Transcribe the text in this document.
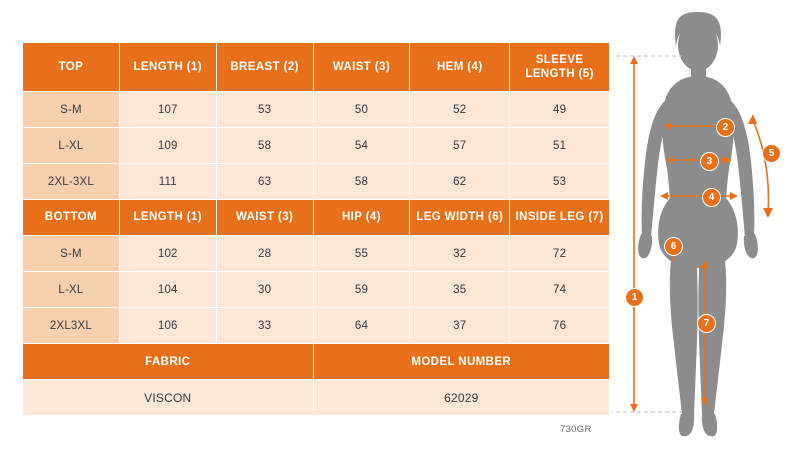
TOP	LENGTH (1)	BREAST (2)	WAIST (3)	HEM (4)	SLEEVE LENGTH (5)
S-M	107	53	50	52	49
L-XL	109	58	54	57	51
2XL-3XL	111	63	58	62	53
BOTTOM	LENGTH (1)	WAIST (3)	HIP (4)	LEG WIDTH (6)	INSIDE LEG (7)
S-M	102	28	55	32	72
L-XL	104	30	59	35	74
2XL3XL	106	33	64	37	76
FABRIC			MODEL NUMBER		
VISCON			62029		
730GR
2
3
4
5
6
7
1
